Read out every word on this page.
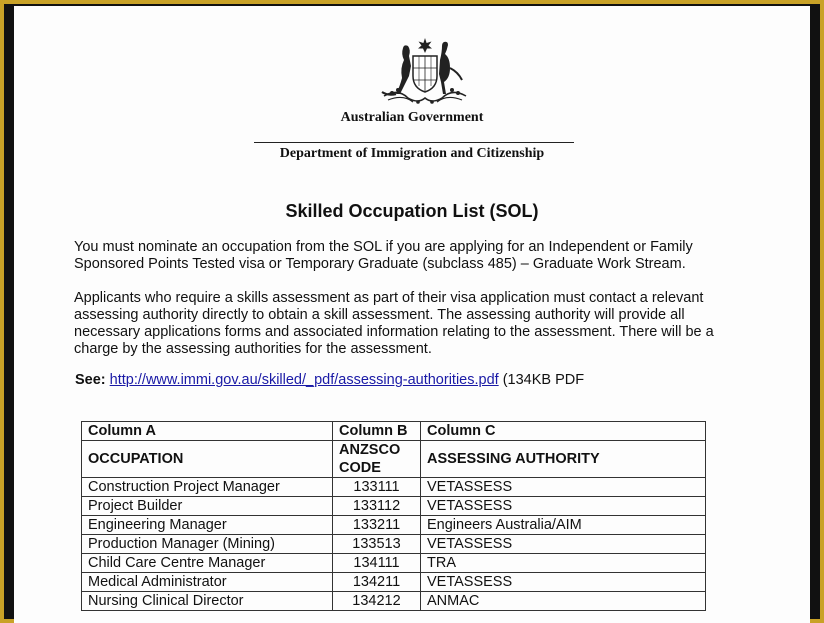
Australian Government
Department of Immigration and Citizenship
Skilled Occupation List (SOL)

You must nominate an occupation from the SOL if you are applying for an Independent or Family Sponsored Points Tested visa or Temporary Graduate (subclass 485) – Graduate Work Stream.

Applicants who require a skills assessment as part of their visa application must contact a relevant assessing authority directly to obtain a skill assessment. The assessing authority will provide all necessary applications forms and associated information relating to the assessment. There will be a charge by the assessing authorities for the assessment.

See: http://www.immi.gov.au/skilled/_pdf/assessing-authorities.pdf (134KB PDF
Column A	Column B	Column C
OCCUPATION	ANZSCO CODE	ASSESSING AUTHORITY
Construction Project Manager	133111	VETASSESS
Project Builder	133112	VETASSESS
Engineering Manager	133211	Engineers Australia/AIM
Production Manager (Mining)	133513	VETASSESS
Child Care Centre Manager	134111	TRA
Medical Administrator	134211	VETASSESS
Nursing Clinical Director	134212	ANMAC
